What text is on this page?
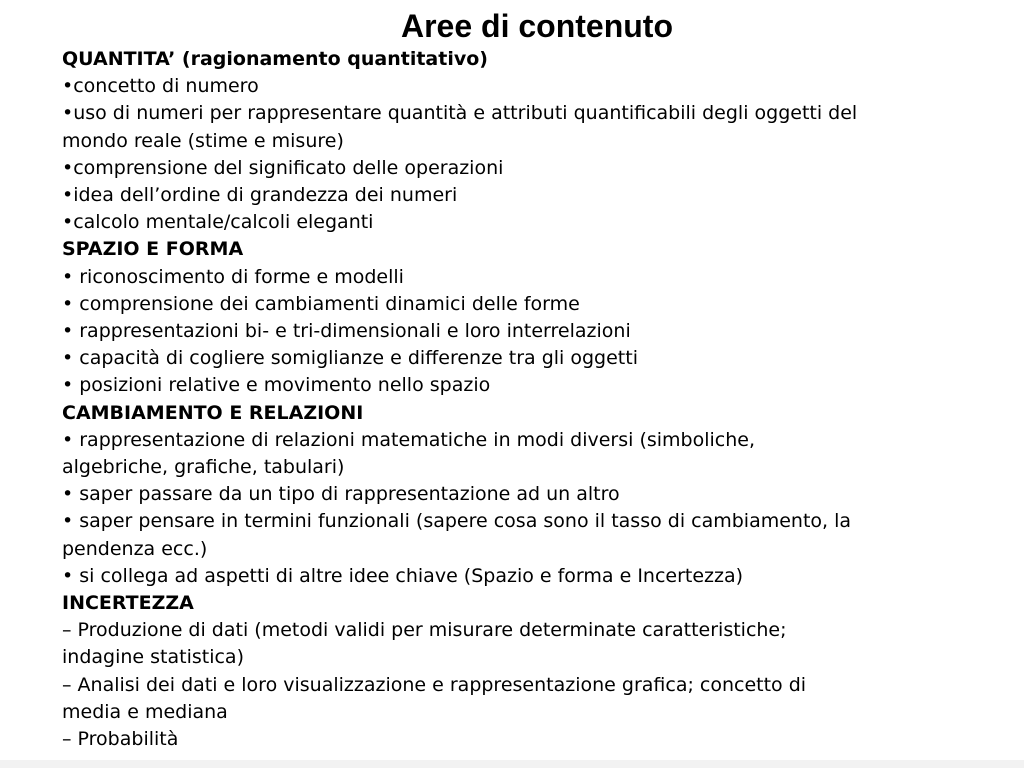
Aree di contenuto
QUANTITA’ (ragionamento quantitativo)
•concetto di numero
•uso di numeri per rappresentare quantità e attributi quantificabili degli oggetti del
mondo reale (stime e misure)
•comprensione del significato delle operazioni
•idea dell’ordine di grandezza dei numeri
•calcolo mentale/calcoli eleganti
SPAZIO E FORMA
• riconoscimento di forme e modelli
• comprensione dei cambiamenti dinamici delle forme
• rappresentazioni bi- e tri-dimensionali e loro interrelazioni
• capacità di cogliere somiglianze e differenze tra gli oggetti
• posizioni relative e movimento nello spazio
CAMBIAMENTO E RELAZIONI
• rappresentazione di relazioni matematiche in modi diversi (simboliche,
algebriche, grafiche, tabulari)
• saper passare da un tipo di rappresentazione ad un altro
• saper pensare in termini funzionali (sapere cosa sono il tasso di cambiamento, la
pendenza ecc.)
• si collega ad aspetti di altre idee chiave (Spazio e forma e Incertezza)
INCERTEZZA
– Produzione di dati (metodi validi per misurare determinate caratteristiche;
indagine statistica)
– Analisi dei dati e loro visualizzazione e rappresentazione grafica; concetto di
media e mediana
– Probabilità
